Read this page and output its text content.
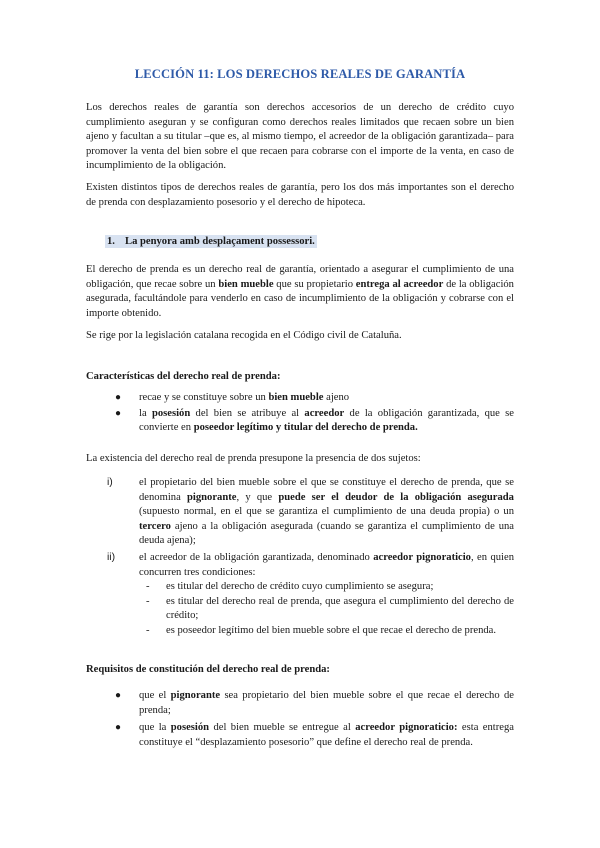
LECCIÓN 11: LOS DERECHOS REALES DE GARANTÍA

Los derechos reales de garantía son derechos accesorios de un derecho de crédito cuyo cumplimiento aseguran y se configuran como derechos reales limitados que recaen sobre un bien ajeno y facultan a su titular –que es, al mismo tiempo, el acreedor de la obligación garantizada– para promover la venta del bien sobre el que recaen para cobrarse con el importe de la venta, en caso de incumplimiento de la obligación.

Existen distintos tipos de derechos reales de garantía, pero los dos más importantes son el derecho de prenda con desplazamiento posesorio y el derecho de hipoteca.

1. La penyora amb desplaçament possessori.

El derecho de prenda es un derecho real de garantía, orientado a asegurar el cumplimiento de una obligación, que recae sobre un bien mueble que su propietario entrega al acreedor de la obligación asegurada, facultándole para venderlo en caso de incumplimiento de la obligación y cobrarse con el importe obtenido.

Se rige por la legislación catalana recogida en el Código civil de Cataluña.

Características del derecho real de prenda:

● recae y se constituye sobre un bien mueble ajeno
● la posesión del bien se atribuye al acreedor de la obligación garantizada, que se convierte en poseedor legítimo y titular del derecho de prenda.

La existencia del derecho real de prenda presupone la presencia de dos sujetos:

i) el propietario del bien mueble sobre el que se constituye el derecho de prenda, que se denomina pignorante, y que puede ser el deudor de la obligación asegurada (supuesto normal, en el que se garantiza el cumplimiento de una deuda propia) o un tercero ajeno a la obligación asegurada (cuando se garantiza el cumplimiento de una deuda ajena);
ii) el acreedor de la obligación garantizada, denominado acreedor pignoraticio, en quien concurren tres condiciones:
- es titular del derecho de crédito cuyo cumplimiento se asegura;
- es titular del derecho real de prenda, que asegura el cumplimiento del derecho de crédito;
- es poseedor legítimo del bien mueble sobre el que recae el derecho de prenda.

Requisitos de constitución del derecho real de prenda:

● que el pignorante sea propietario del bien mueble sobre el que recae el derecho de prenda;
● que la posesión del bien mueble se entregue al acreedor pignoraticio: esta entrega constituye el “desplazamiento posesorio” que define el derecho real de prenda.
